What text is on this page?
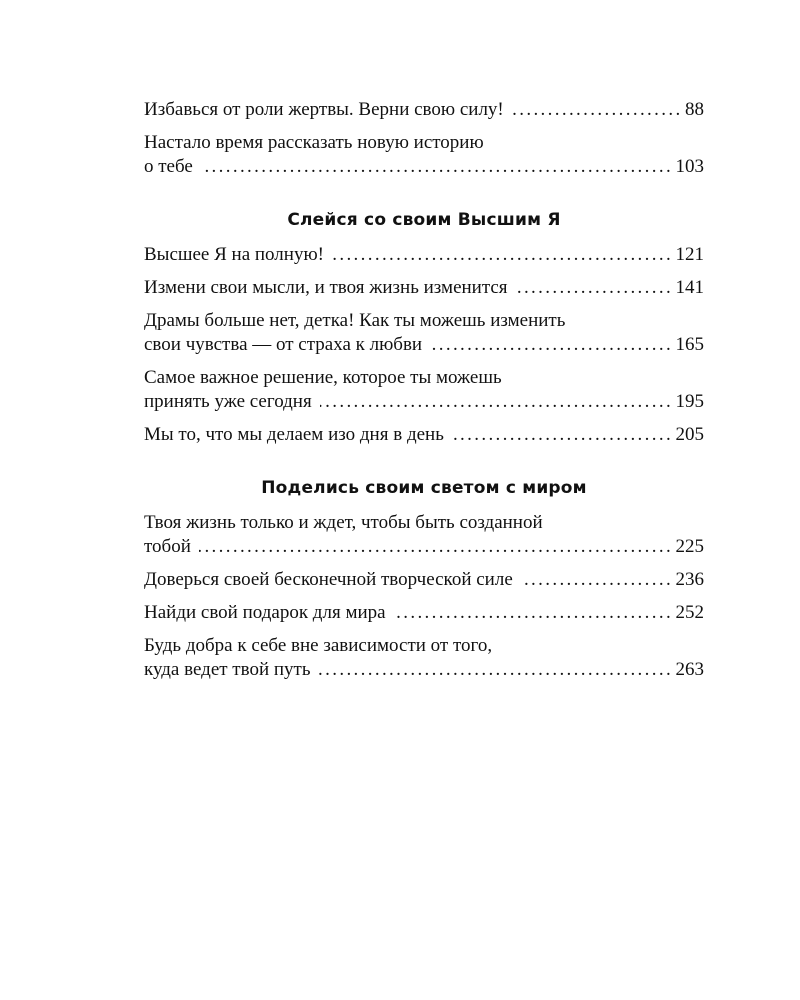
Избавься от роли жертвы. Верни свою силу! . . .	88
Настало время рассказать новую историю
о тебе . . .	103
Слейся со своим Высшим Я
Высшее Я на полную! . . .	121
Измени свои мысли, и твоя жизнь изменится . . .	141
Драмы больше нет, детка! Как ты можешь изменить
свои чувства — от страха к любви . . .	165
Самое важное решение, которое ты можешь
принять уже сегодня . . .	195
Мы то, что мы делаем изо дня в день . . .	205
Поделись своим светом с миром
Твоя жизнь только и ждет, чтобы быть созданной
тобой . . .	225
Доверься своей бесконечной творческой силе . . .	236
Найди свой подарок для мира . . .	252
Будь добра к себе вне зависимости от того,
куда ведет твой путь . . .	263
